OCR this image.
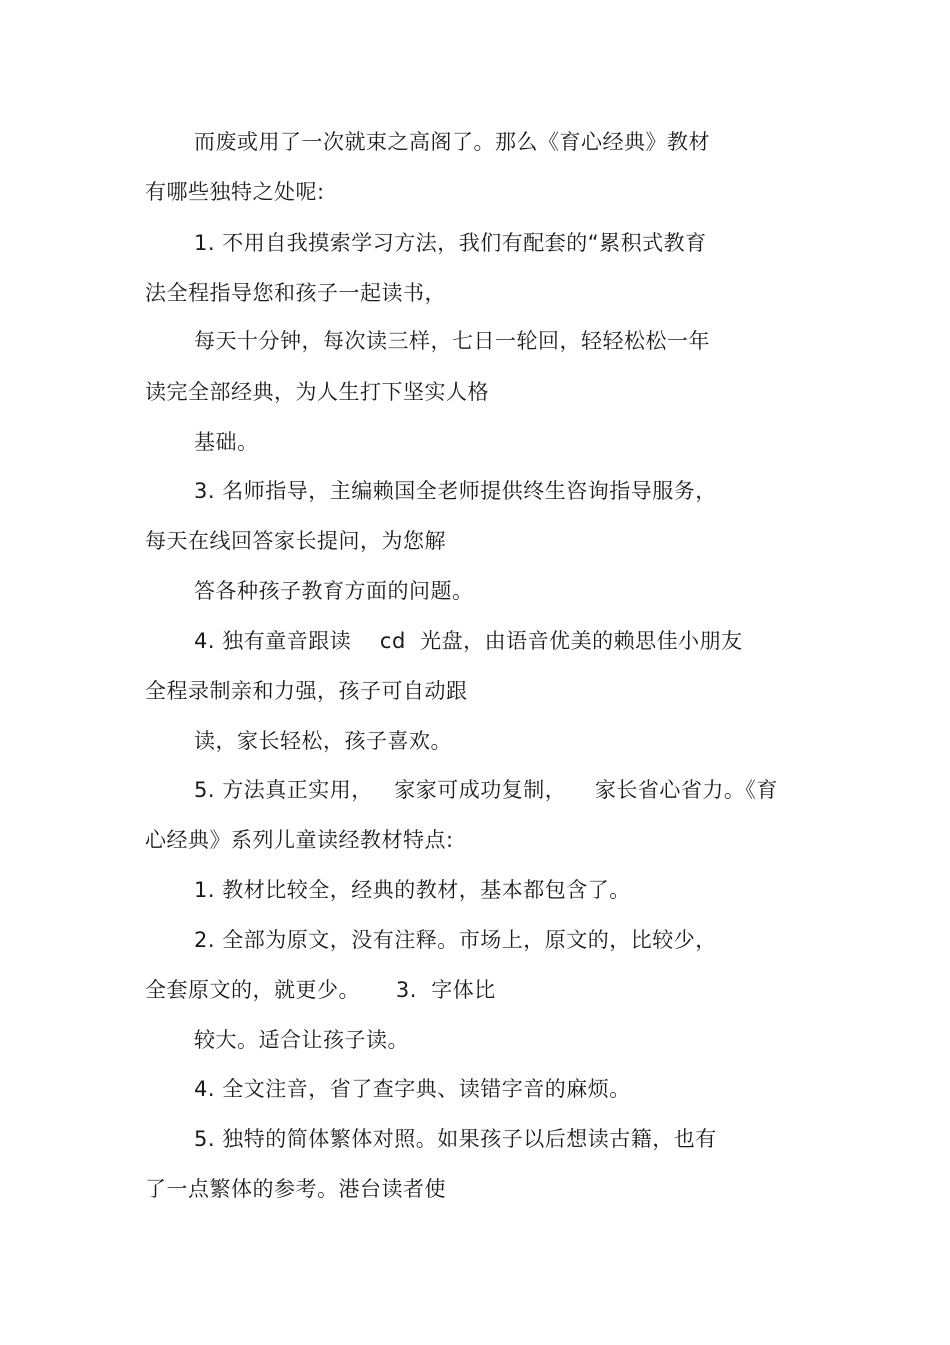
而废或用了一次就束之高阁了。那么《育心经典》教材
有哪些独特之处呢:
1. 不用自我摸索学习方法，我们有配套的“累积式教育
法全程指导您和孩子一起读书，
每天十分钟，每次读三样，七日一轮回，轻轻松松一年
读完全部经典，为人生打下坚实人格
基础。
3. 名师指导，主编赖国全老师提供终生咨询指导服务，
每天在线回答家长提问，为您解
答各种孩子教育方面的问题。
4. 独有童音跟读    cd  光盘，由语音优美的赖思佳小朋友
全程录制亲和力强，孩子可自动跟
读，家长轻松，孩子喜欢。
5. 方法真正实用，   家家可成功复制，    家长省心省力。《育
心经典》系列儿童读经教材特点:
1. 教材比较全，经典的教材，基本都包含了。
2. 全部为原文，没有注释。市场上，原文的，比较少，
全套原文的，就更少。     3.  字体比
较大。适合让孩子读。
4. 全文注音，省了查字典、读错字音的麻烦。
5. 独特的简体繁体对照。如果孩子以后想读古籍，也有
了一点繁体的参考。港台读者使
